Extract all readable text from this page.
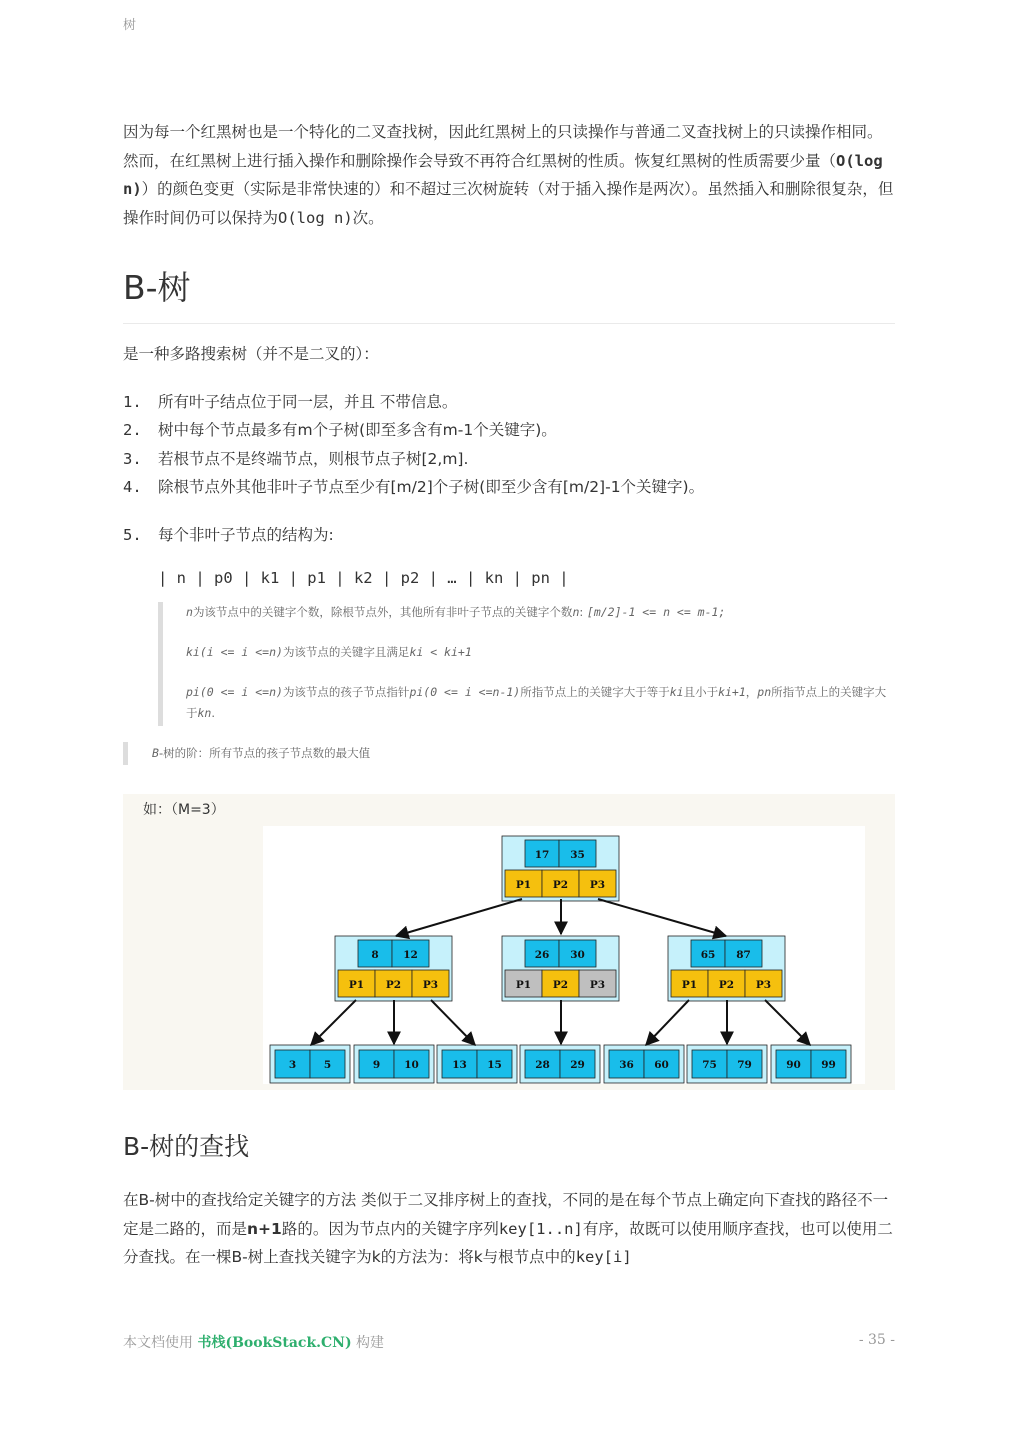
树

因为每一个红黑树也是一个特化的二叉查找树，因此红黑树上的只读操作与普通二叉查找树上的只读操作相同。然而，在红黑树上进行插入操作和删除操作会导致不再符合红黑树的性质。恢复红黑树的性质需要少量（O(log n)）的颜色变更（实际是非常快速的）和不超过三次树旋转（对于插入操作是两次）。虽然插入和删除很复杂，但操作时间仍可以保持为O(log n)次。

B-树

是一种多路搜索树（并不是二叉的）：

1. 所有叶子结点位于同一层，并且 不带信息。
2. 树中每个节点最多有m个子树(即至多含有m-1个关键字)。
3. 若根节点不是终端节点，则根节点子树[2,m].
4. 除根节点外其他非叶子节点至少有[m/2]个子树(即至少含有[m/2]-1个关键字)。
5. 每个非叶子节点的结构为:
| n | p0 | k1 | p1 | k2 | p2 | … | kn | pn |

n为该节点中的关键字个数，除根节点外，其他所有非叶子节点的关键字个数n: [m/2]-1 <= n <= m-1;

ki(i <= i <=n)为该节点的关键字且满足ki < ki+1

pi(0 <= i <=n)为该节点的孩子节点指针pi(0 <= i <=n-1)所指节点上的关键字大于等于ki且小于ki+1，pn所指节点上的关键字大于kn.

B-树的阶：所有节点的孩子节点数的最大值

如：（M=3）
17 35
P1 P2 P3
8 12
P1 P2 P3
26 30
P1 P2 P3
65 87
P1 P2 P3
3	5	9 10	13 15	28 29	36 60	75 79	90 99
B-树的查找

在B-树中的查找给定关键字的方法 类似于二叉排序树上的查找，不同的是在每个节点上确定向下查找的路径不一定是二路的，而是n+1路的。因为节点内的关键字序列key[1..n]有序，故既可以使用顺序查找，也可以使用二分查找。在一棵B-树上查找关键字为k的方法为：将k与根节点中的key[i]

本文档使用 书栈(BookStack.CN) 构建	- 35 -
